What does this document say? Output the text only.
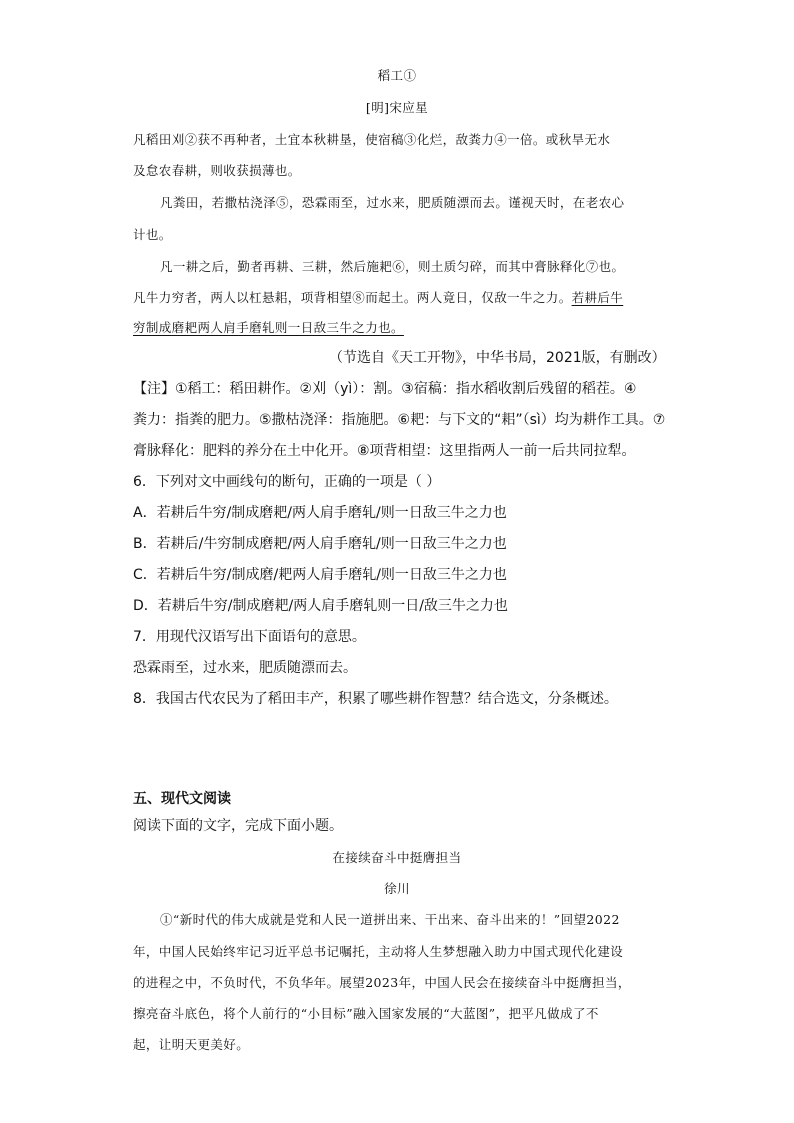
稻工①
[明]宋应星
凡稻田刈②获不再种者，土宜本秋耕垦，使宿稿③化烂，敌粪力④一倍。或秋旱无水
及怠农春耕，则收获损薄也。
凡粪田，若撒枯浇泽⑤，恐霖雨至，过水来，肥质随漂而去。谨视天时，在老农心
计也。
凡一耕之后，勤者再耕、三耕，然后施耙⑥，则土质匀碎，而其中膏脉释化⑦也。
凡牛力穷者，两人以杠悬耜，项背相望⑧而起土。两人竟日，仅敌一牛之力。若耕后牛
穷制成磨耙两人肩手磨轧则一日敌三牛之力也。
（节选自《天工开物》，中华书局，2021版，有删改）
【注】①稻工：稻田耕作。②刈（yì）：割。③宿稿：指水稻收割后残留的稻茬。④
粪力：指粪的肥力。⑤撒枯浇泽：指施肥。⑥耙：与下文的“耜”（sì）均为耕作工具。⑦
膏脉释化：肥料的养分在土中化开。⑧项背相望：这里指两人一前一后共同拉犁。
6．下列对文中画线句的断句，正确的一项是（ ）
A．若耕后牛穷/制成磨耙/两人肩手磨轧/则一日敌三牛之力也
B．若耕后/牛穷制成磨耙/两人肩手磨轧/则一日敌三牛之力也
C．若耕后牛穷/制成磨/耙两人肩手磨轧/则一日敌三牛之力也
D．若耕后牛穷/制成磨耙/两人肩手磨轧则一日/敌三牛之力也
7．用现代汉语写出下面语句的意思。
恐霖雨至，过水来，肥质随漂而去。
8．我国古代农民为了稻田丰产，积累了哪些耕作智慧？结合选文，分条概述。
五、现代文阅读
阅读下面的文字，完成下面小题。
在接续奋斗中挺膺担当
徐川
①“新时代的伟大成就是党和人民一道拼出来、干出来、奋斗出来的！”回望2022
年，中国人民始终牢记习近平总书记嘱托，主动将人生梦想融入助力中国式现代化建设
的进程之中，不负时代，不负华年。展望2023年，中国人民会在接续奋斗中挺膺担当，
擦亮奋斗底色，将个人前行的“小目标”融入国家发展的“大蓝图”，把平凡做成了不
起，让明天更美好。
